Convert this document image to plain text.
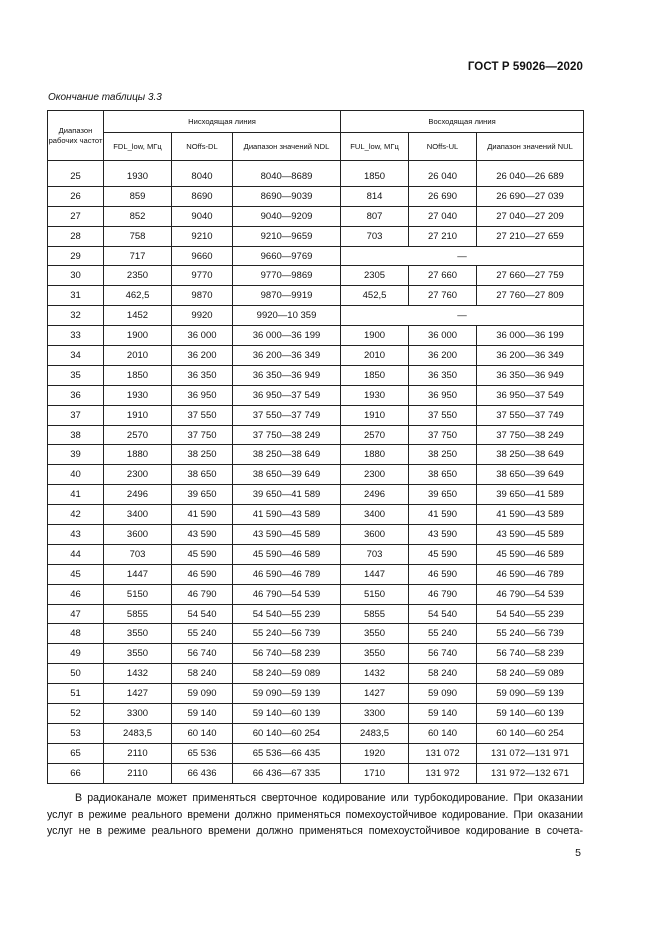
ГОСТ Р 59026—2020
Окончание таблицы 3.3
Диапазон рабочих частот	Нисходящая линия			Восходящая линия		
	FDL_low, МГц	NOffs-DL	Диапазон значений NDL	FUL_low, МГц	NOffs-UL	Диапазон значений NUL

25	1930	8040	8040—8689	1850	26 040	26 040—26 689
26	859	8690	8690—9039	814	26 690	26 690—27 039
27	852	9040	9040—9209	807	27 040	27 040—27 209
28	758	9210	9210—9659	703	27 210	27 210—27 659
29	717	9660	9660—9769	—		
30	2350	9770	9770—9869	2305	27 660	27 660—27 759
31	462,5	9870	9870—9919	452,5	27 760	27 760—27 809
32	1452	9920	9920—10 359	—		
33	1900	36 000	36 000—36 199	1900	36 000	36 000—36 199
34	2010	36 200	36 200—36 349	2010	36 200	36 200—36 349
35	1850	36 350	36 350—36 949	1850	36 350	36 350—36 949
36	1930	36 950	36 950—37 549	1930	36 950	36 950—37 549
37	1910	37 550	37 550—37 749	1910	37 550	37 550—37 749
38	2570	37 750	37 750—38 249	2570	37 750	37 750—38 249
39	1880	38 250	38 250—38 649	1880	38 250	38 250—38 649
40	2300	38 650	38 650—39 649	2300	38 650	38 650—39 649
41	2496	39 650	39 650—41 589	2496	39 650	39 650—41 589
42	3400	41 590	41 590—43 589	3400	41 590	41 590—43 589
43	3600	43 590	43 590—45 589	3600	43 590	43 590—45 589
44	703	45 590	45 590—46 589	703	45 590	45 590—46 589
45	1447	46 590	46 590—46 789	1447	46 590	46 590—46 789
46	5150	46 790	46 790—54 539	5150	46 790	46 790—54 539
47	5855	54 540	54 540—55 239	5855	54 540	54 540—55 239
48	3550	55 240	55 240—56 739	3550	55 240	55 240—56 739
49	3550	56 740	56 740—58 239	3550	56 740	56 740—58 239
50	1432	58 240	58 240—59 089	1432	58 240	58 240—59 089
51	1427	59 090	59 090—59 139	1427	59 090	59 090—59 139
52	3300	59 140	59 140—60 139	3300	59 140	59 140—60 139
53	2483,5	60 140	60 140—60 254	2483,5	60 140	60 140—60 254
65	2110	65 536	65 536—66 435	1920	131 072	131 072—131 971
66	2110	66 436	66 436—67 335	1710	131 972	131 972—132 671
В радиоканале может применяться сверточное кодирование или турбокодирование. При оказании
услуг в режиме реального времени должно применяться помехоустойчивое кодирование. При оказании
услуг не в режиме реального времени должно применяться помехоустойчивое кодирование в сочета-
5
